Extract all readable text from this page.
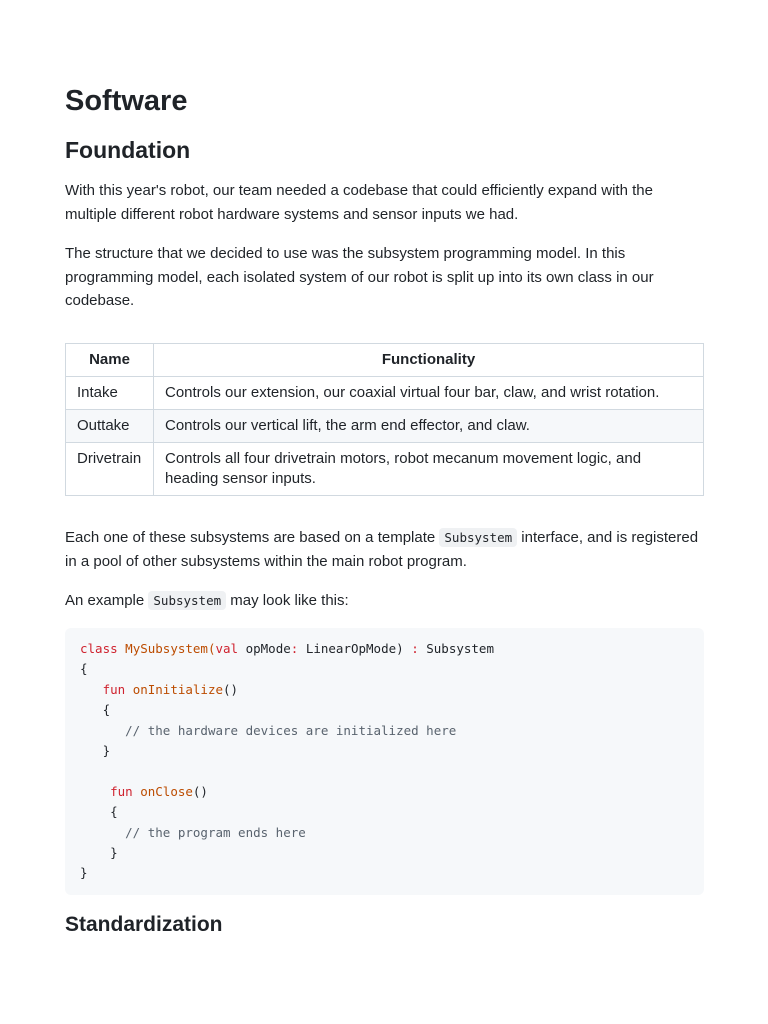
Software
Foundation

With this year's robot, our team needed a codebase that could efficiently expand with the multiple different robot hardware systems and sensor inputs we had.

The structure that we decided to use was the subsystem programming model. In this programming model, each isolated system of our robot is split up into its own class in our codebase.

Name	Functionality
Intake	Controls our extension, our coaxial virtual four bar, claw, and wrist rotation.
Outtake	Controls our vertical lift, the arm end effector, and claw.
Drivetrain	Controls all four drivetrain motors, robot mecanum movement logic, and heading sensor inputs.

Each one of these subsystems are based on a template Subsystem interface, and is registered in a pool of other subsystems within the main robot program.

An example Subsystem may look like this:

class MySubsystem(val opMode: LinearOpMode) : Subsystem
{
fun onInitialize()
{
// the hardware devices are initialized here
}
fun onClose()
{
// the program ends here
}
}
Standardization
